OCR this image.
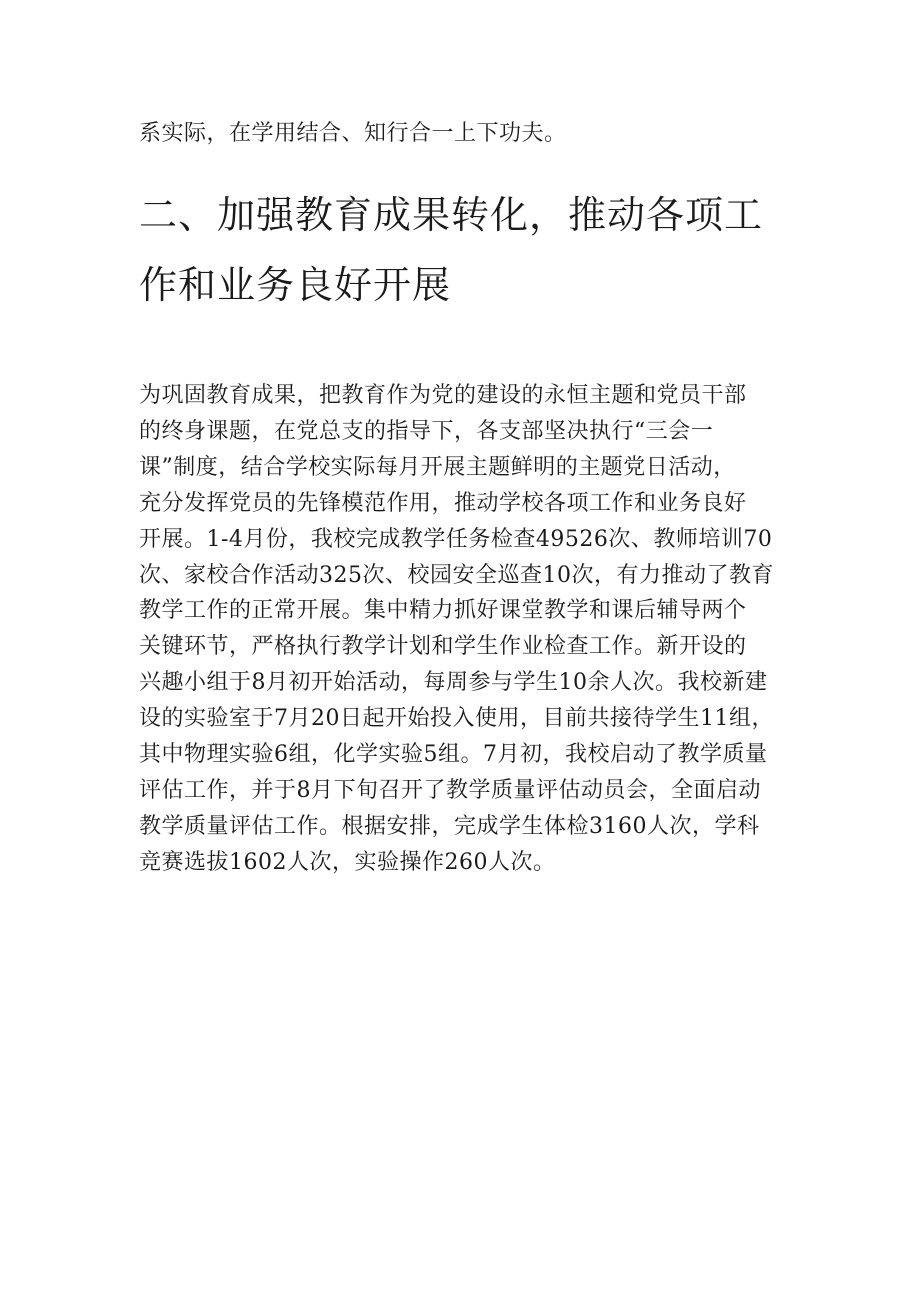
系实际，在学用结合、知行合一上下功夫。

二、加强教育成果转化，推动各项工
作和业务良好开展

为巩固教育成果，把教育作为党的建设的永恒主题和党员干部
的终身课题，在党总支的指导下，各支部坚决执行“三会一
课”制度，结合学校实际每月开展主题鲜明的主题党日活动，
充分发挥党员的先锋模范作用，推动学校各项工作和业务良好
开展。1-4月份，我校完成教学任务检查49526次、教师培训70
次、家校合作活动325次、校园安全巡查10次，有力推动了教育
教学工作的正常开展。集中精力抓好课堂教学和课后辅导两个
关键环节，严格执行教学计划和学生作业检查工作。新开设的
兴趣小组于8月初开始活动，每周参与学生10余人次。我校新建
设的实验室于7月20日起开始投入使用，目前共接待学生11组，
其中物理实验6组，化学实验5组。7月初，我校启动了教学质量
评估工作，并于8月下旬召开了教学质量评估动员会，全面启动
教学质量评估工作。根据安排，完成学生体检3160人次，学科
竞赛选拔1602人次，实验操作260人次。
